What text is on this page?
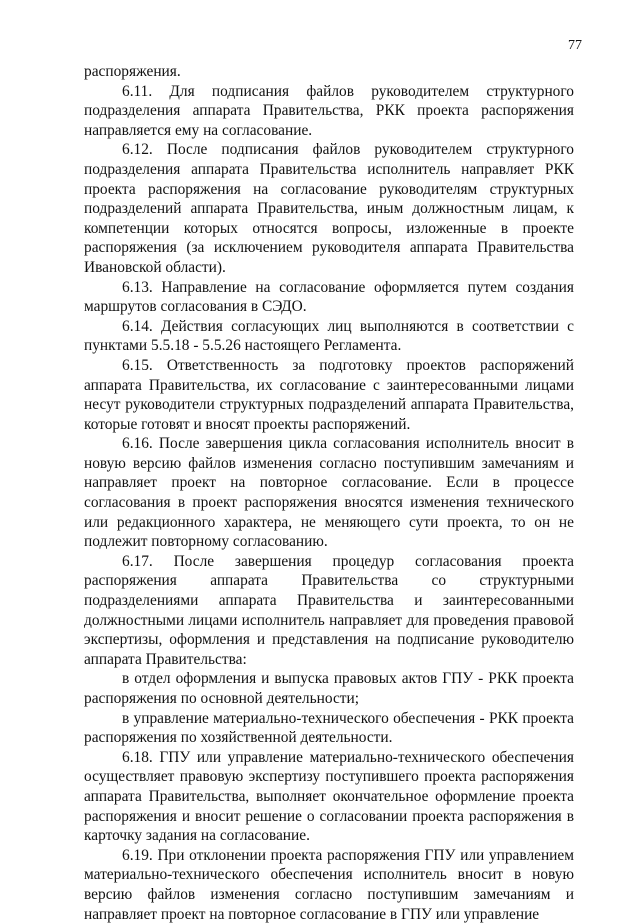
77

распоряжения.

6.11. Для подписания файлов руководителем структурного подразделения аппарата Правительства, РКК проекта распоряжения направляется ему на согласование.

6.12. После подписания файлов руководителем структурного подразделения аппарата Правительства исполнитель направляет РКК проекта распоряжения на согласование руководителям структурных подразделений аппарата Правительства, иным должностным лицам, к компетенции которых относятся вопросы, изложенные в проекте распоряжения (за исключением руководителя аппарата Правительства Ивановской области).

6.13. Направление на согласование оформляется путем создания маршрутов согласования в СЭДО.

6.14. Действия согласующих лиц выполняются в соответствии с пунктами 5.5.18 - 5.5.26 настоящего Регламента.

6.15. Ответственность за подготовку проектов распоряжений аппарата Правительства, их согласование с заинтересованными лицами несут руководители структурных подразделений аппарата Правительства, которые готовят и вносят проекты распоряжений.

6.16. После завершения цикла согласования исполнитель вносит в новую версию файлов изменения согласно поступившим замечаниям и направляет проект на повторное согласование. Если в процессе согласования в проект распоряжения вносятся изменения технического или редакционного характера, не меняющего сути проекта, то он не подлежит повторному согласованию.

6.17. После завершения процедур согласования проекта распоряжения аппарата Правительства со структурными подразделениями аппарата Правительства и заинтересованными должностными лицами исполнитель направляет для проведения правовой экспертизы, оформления и представления на подписание руководителю аппарата Правительства:

в отдел оформления и выпуска правовых актов ГПУ - РКК проекта распоряжения по основной деятельности;

в управление материально-технического обеспечения - РКК проекта распоряжения по хозяйственной деятельности.

6.18. ГПУ или управление материально-технического обеспечения осуществляет правовую экспертизу поступившего проекта распоряжения аппарата Правительства, выполняет окончательное оформление проекта распоряжения и вносит решение о согласовании проекта распоряжения в карточку задания на согласование.

6.19. При отклонении проекта распоряжения ГПУ или управлением материально-технического обеспечения исполнитель вносит в новую версию файлов изменения согласно поступившим замечаниям и направляет проект на повторное согласование в ГПУ или управление
